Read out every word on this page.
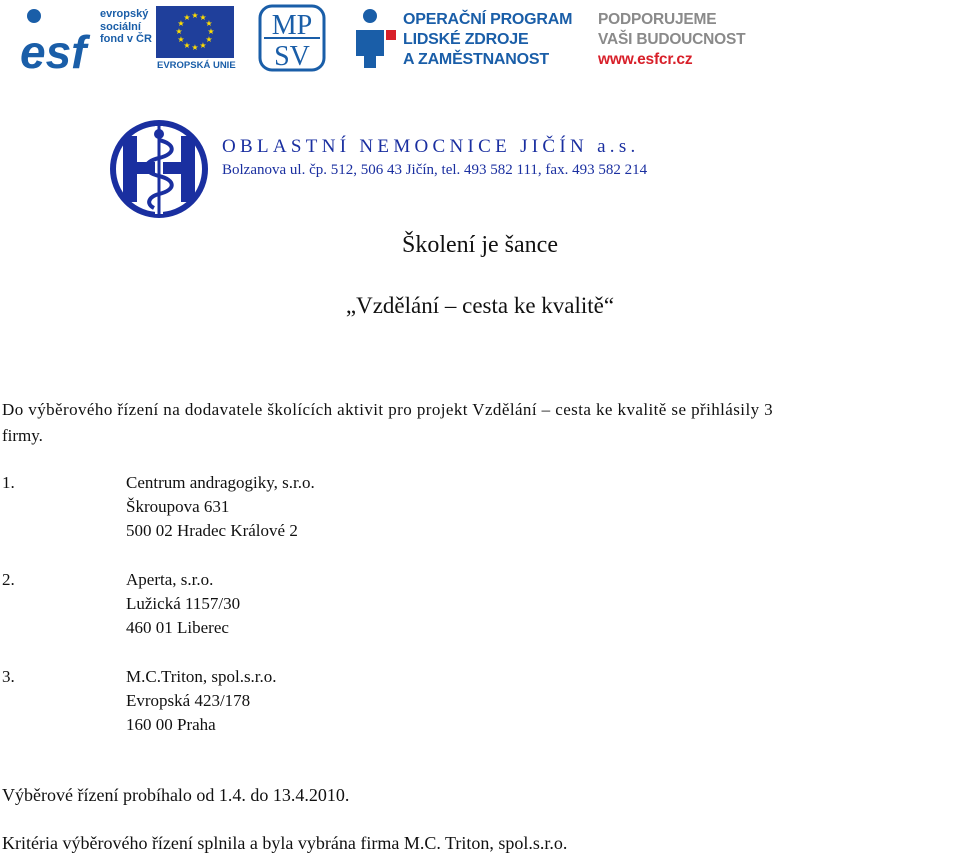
esf
evropský
sociální
fond v ČR
★ ★
★
★
★
★
★
★
★
★
★
★
EVROPSKÁ UNIE
MP
SV
OPERAČNÍ PROGRAM
LIDSKÉ ZDROJE
A ZAMĚSTNANOST
PODPORUJEME
VAŠI BUDOUCNOST
www.esfcr.cz
OBLASTNÍ NEMOCNICE JIČÍN a.s.
Bolzanova ul. čp. 512, 506 43 Jičín, tel. 493 582 111, fax. 493 582 214
Školení je šance
„Vzdělání – cesta ke kvalitě“
Do výběrového řízení na dodavatele školících aktivit pro projekt Vzdělání – cesta ke kvalitě se přihlásily 3
firmy.
1.	Centrum andragogiky, s.r.o.
Škroupova 631
500 02 Hradec Králové 2
2.	Aperta, s.r.o.
Lužická 1157/30
460 01 Liberec
3.	M.C.Triton, spol.s.r.o.
Evropská 423/178
160 00 Praha
Výběrové řízení probíhalo od 1.4. do 13.4.2010.
Kritéria výběrového řízení splnila a byla vybrána firma M.C. Triton, spol.s.r.o.
